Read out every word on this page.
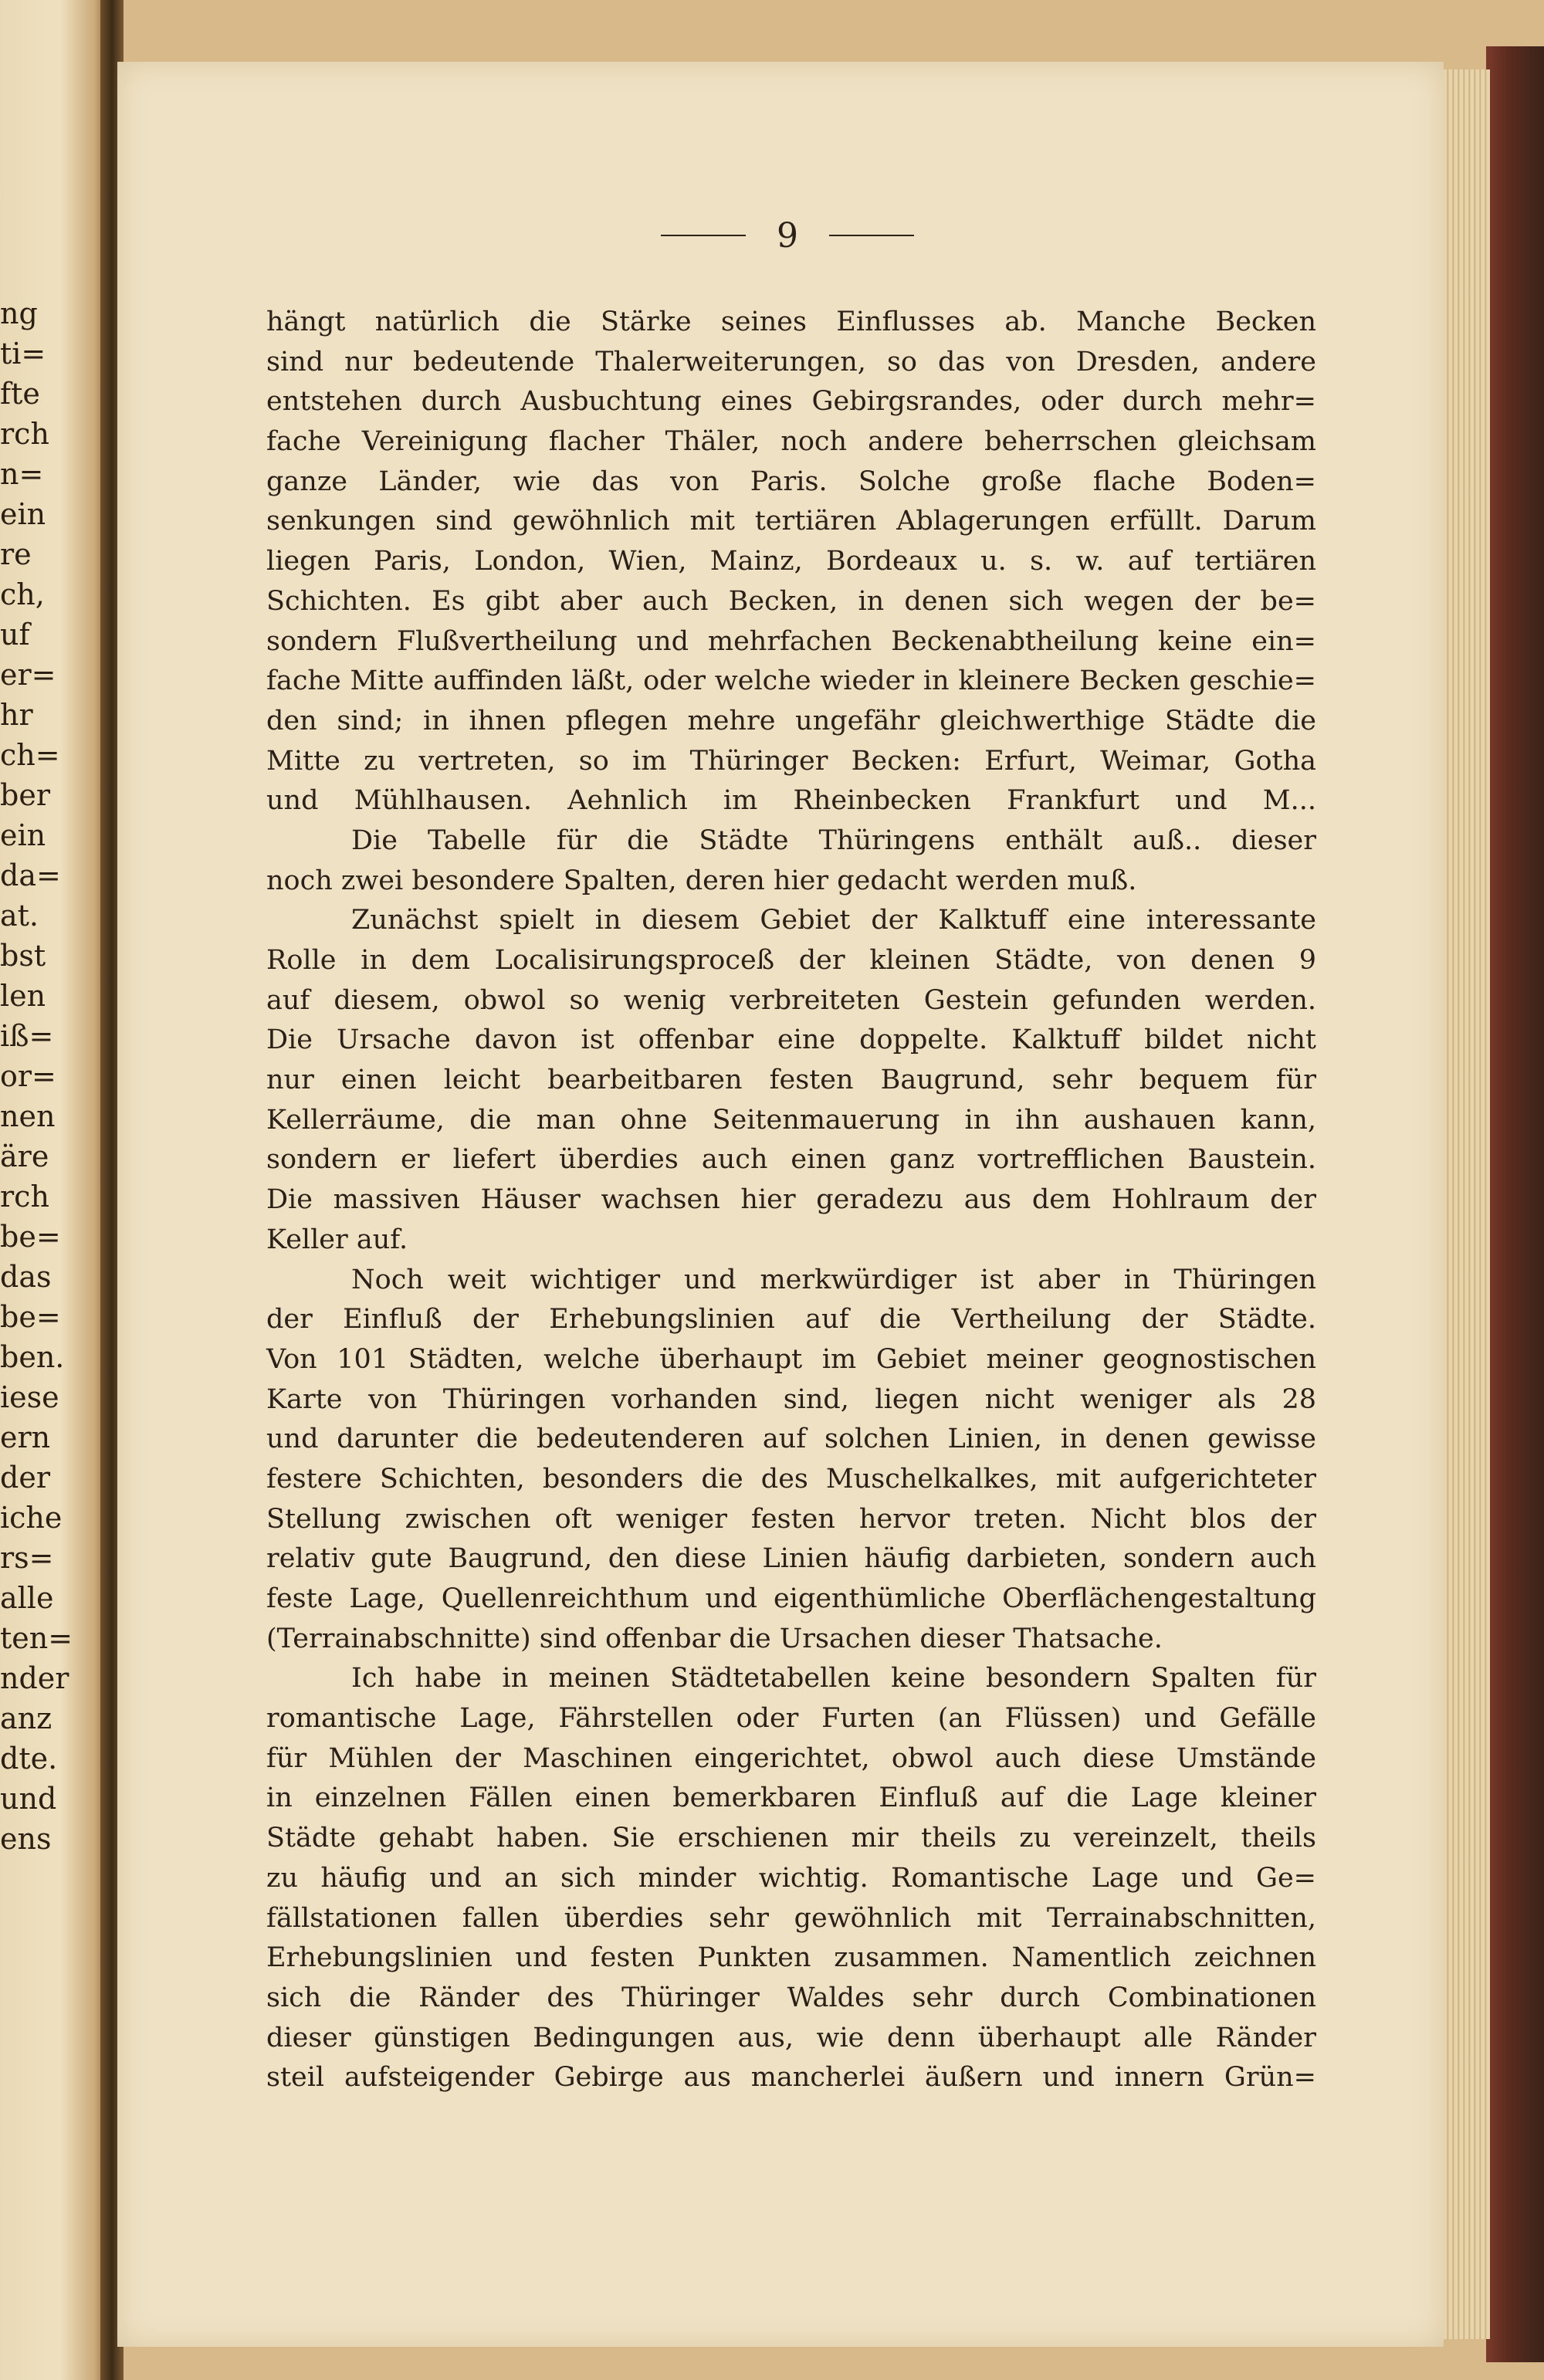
ng
ti=
fte
rch
n=
ein
re
ch,
uf
er=
hr
ch=
ber
ein
da=
at.
bst
len
iß=
or=
nen
äre
rch
be=
das
be=
ben.
iese
ern
der
iche
rs=
alle
ten=
nder
anz
dte.
und
ens
9
hängt natürlich die Stärke seines Einflusses ab. Manche Becken
sind nur bedeutende Thalerweiterungen, so das von Dresden, andere
entstehen durch Ausbuchtung eines Gebirgsrandes, oder durch mehr=
fache Vereinigung flacher Thäler, noch andere beherrschen gleichsam
ganze Länder, wie das von Paris. Solche große flache Boden=
senkungen sind gewöhnlich mit tertiären Ablagerungen erfüllt. Darum
liegen Paris, London, Wien, Mainz, Bordeaux u. s. w. auf tertiären
Schichten. Es gibt aber auch Becken, in denen sich wegen der be=
sondern Flußvertheilung und mehrfachen Beckenabtheilung keine ein=
fache Mitte auffinden läßt, oder welche wieder in kleinere Becken geschie=
den sind; in ihnen pflegen mehre ungefähr gleichwerthige Städte die
Mitte zu vertreten, so im Thüringer Becken: Erfurt, Weimar, Gotha
und Mühlhausen. Aehnlich im Rheinbecken Frankfurt und M...
Die Tabelle für die Städte Thüringens enthält auß.. dieser
noch zwei besondere Spalten, deren hier gedacht werden muß.
Zunächst spielt in diesem Gebiet der Kalktuff eine interessante
Rolle in dem Localisirungsproceß der kleinen Städte, von denen 9
auf diesem, obwol so wenig verbreiteten Gestein gefunden werden.
Die Ursache davon ist offenbar eine doppelte. Kalktuff bildet nicht
nur einen leicht bearbeitbaren festen Baugrund, sehr bequem für
Kellerräume, die man ohne Seitenmauerung in ihn aushauen kann,
sondern er liefert überdies auch einen ganz vortrefflichen Baustein.
Die massiven Häuser wachsen hier geradezu aus dem Hohlraum der
Keller auf.
Noch weit wichtiger und merkwürdiger ist aber in Thüringen
der Einfluß der Erhebungslinien auf die Vertheilung der Städte.
Von 101 Städten, welche überhaupt im Gebiet meiner geognostischen
Karte von Thüringen vorhanden sind, liegen nicht weniger als 28
und darunter die bedeutenderen auf solchen Linien, in denen gewisse
festere Schichten, besonders die des Muschelkalkes, mit aufgerichteter
Stellung zwischen oft weniger festen hervor treten. Nicht blos der
relativ gute Baugrund, den diese Linien häufig darbieten, sondern auch
feste Lage, Quellenreichthum und eigenthümliche Oberflächengestaltung
(Terrainabschnitte) sind offenbar die Ursachen dieser Thatsache.
Ich habe in meinen Städtetabellen keine besondern Spalten für
romantische Lage, Fährstellen oder Furten (an Flüssen) und Gefälle
für Mühlen der Maschinen eingerichtet, obwol auch diese Umstände
in einzelnen Fällen einen bemerkbaren Einfluß auf die Lage kleiner
Städte gehabt haben. Sie erschienen mir theils zu vereinzelt, theils
zu häufig und an sich minder wichtig. Romantische Lage und Ge=
fällstationen fallen überdies sehr gewöhnlich mit Terrainabschnitten,
Erhebungslinien und festen Punkten zusammen. Namentlich zeichnen
sich die Ränder des Thüringer Waldes sehr durch Combinationen
dieser günstigen Bedingungen aus, wie denn überhaupt alle Ränder
steil aufsteigender Gebirge aus mancherlei äußern und innern Grün=
